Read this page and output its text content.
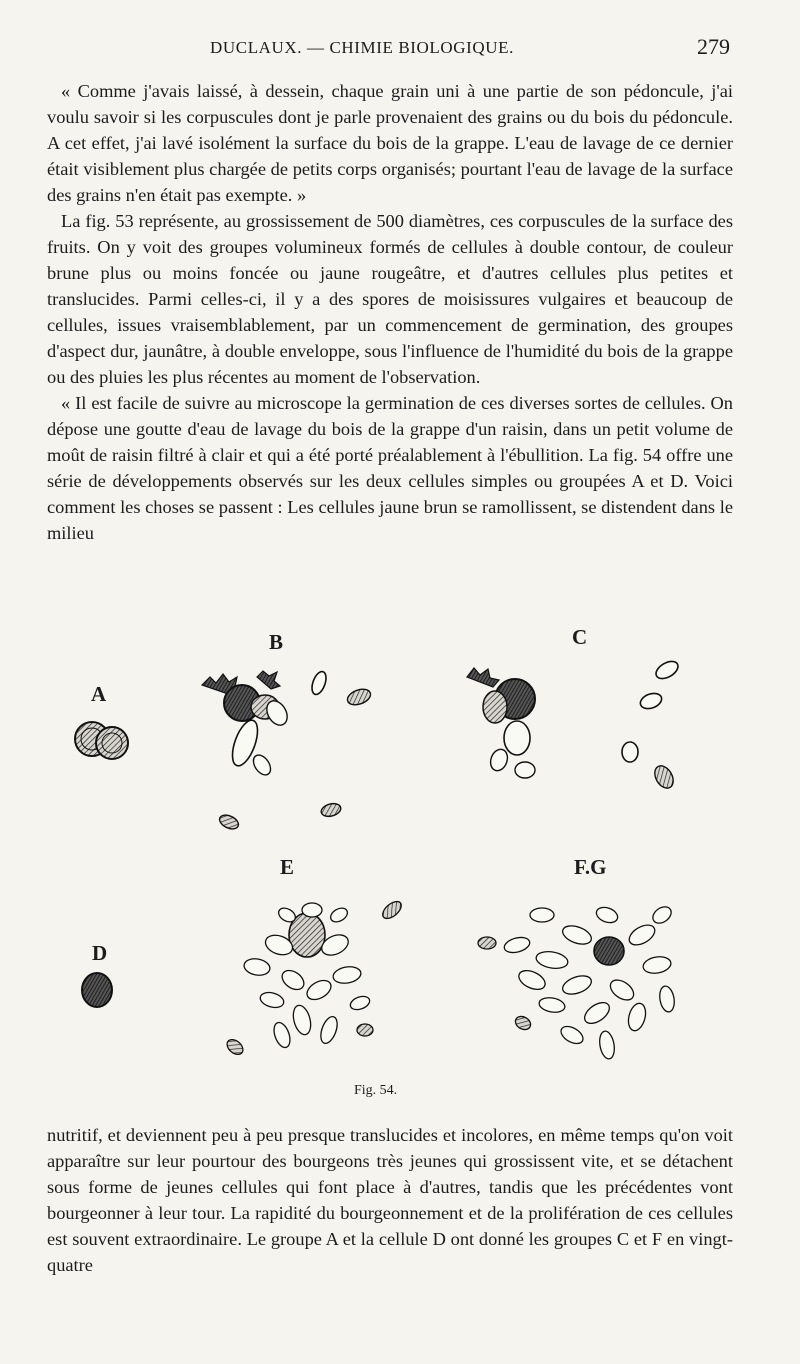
DUCLAUX. — CHIMIE BIOLOGIQUE.	279

« Comme j'avais laissé, à dessein, chaque grain uni à une partie de son pédoncule, j'ai voulu savoir si les corpuscules dont je parle provenaient des grains ou du bois du pédoncule. A cet effet, j'ai lavé isolément la surface du bois de la grappe. L'eau de lavage de ce dernier était visiblement plus chargée de petits corps organisés; pourtant l'eau de lavage de la surface des grains n'en était pas exempte. »

La fig. 53 représente, au grossissement de 500 diamètres, ces corpuscules de la surface des fruits. On y voit des groupes volumineux formés de cellules à double contour, de couleur brune plus ou moins foncée ou jaune rougeâtre, et d'autres cellules plus petites et translucides. Parmi celles-ci, il y a des spores de moisissures vulgaires et beaucoup de cellules, issues vraisemblablement, par un commencement de germination, des groupes d'aspect dur, jaunâtre, à double enveloppe, sous l'influence de l'humidité du bois de la grappe ou des pluies les plus récentes au moment de l'observation.

« Il est facile de suivre au microscope la germination de ces diverses sortes de cellules. On dépose une goutte d'eau de lavage du bois de la grappe d'un raisin, dans un petit volume de moût de raisin filtré à clair et qui a été porté préalablement à l'ébullition. La fig. 54 offre une série de développements observés sur les deux cellules simples ou groupées A et D. Voici comment les choses se passent : Les cellules jaune brun se ramollissent, se distendent dans le milieu

A
B	C
D
E	F.G
Fig. 54.

nutritif, et deviennent peu à peu presque translucides et incolores, en même temps qu'on voit apparaître sur leur pourtour des bourgeons très jeunes qui grossissent vite, et se détachent sous forme de jeunes cellules qui font place à d'autres, tandis que les précédentes vont bourgeonner à leur tour. La rapidité du bourgeonnement et de la prolifération de ces cellules est souvent extraordinaire. Le groupe A et la cellule D ont donné les groupes C et F en vingt-quatre
